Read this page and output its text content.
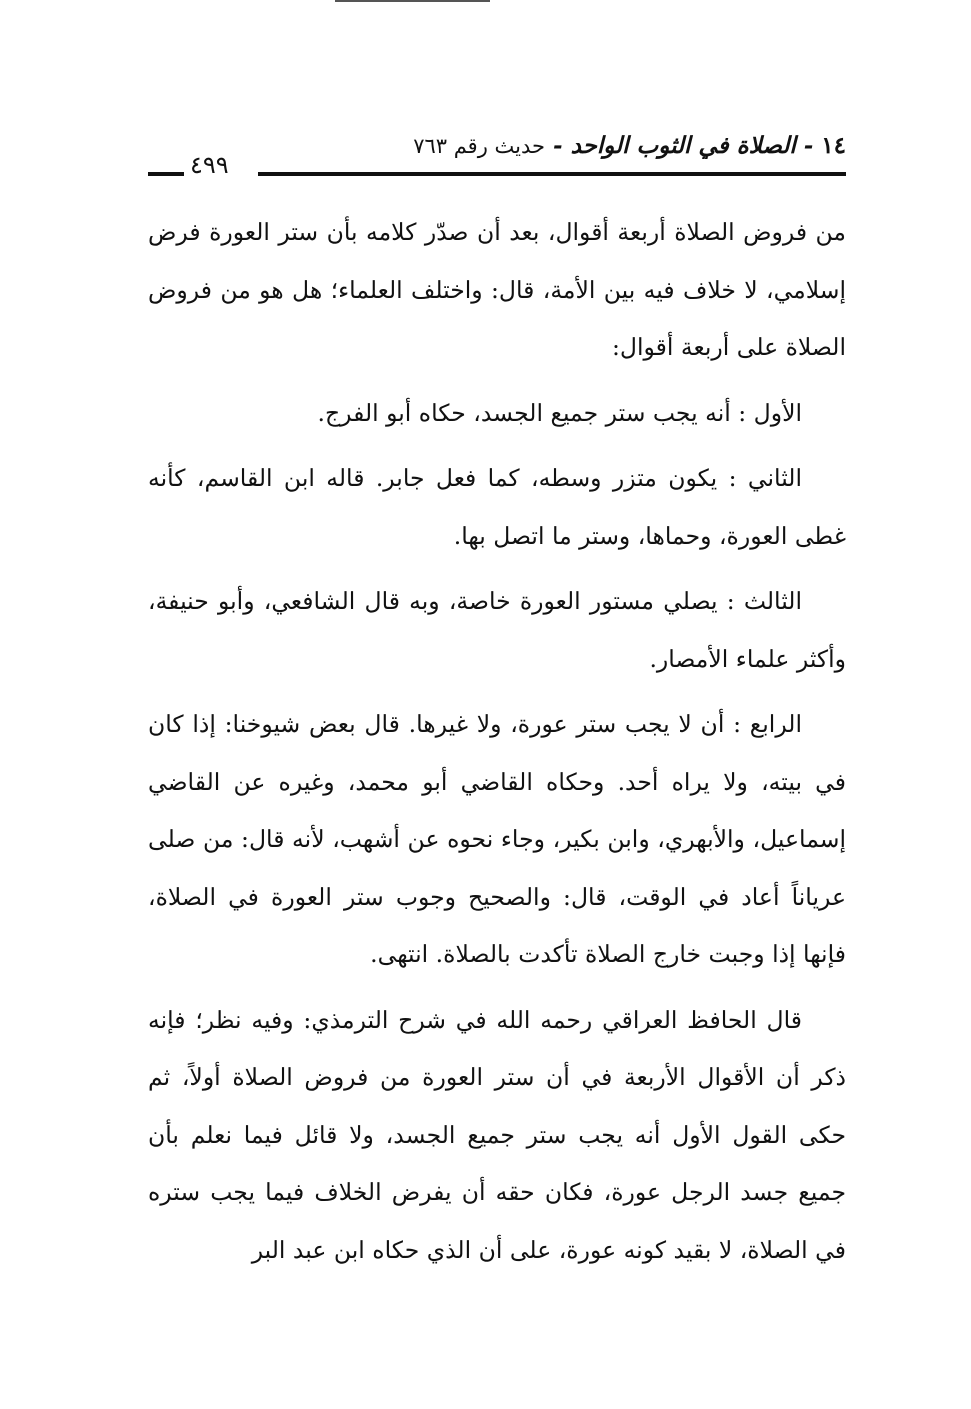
١٤ - الصلاة في الثوب الواحد - حديث رقم ٧٦٣
٤٩٩

من فروض الصلاة أربعة أقوال، بعد أن صدّر كلامه بأن ستر العورة فرض إسلامي، لا خلاف فيه بين الأمة، قال: واختلف العلماء؛ هل هو من فروض الصلاة على أربعة أقوال:

الأول : أنه يجب ستر جميع الجسد، حكاه أبو الفرج.

الثاني : يكون متزر وسطه، كما فعل جابر. قاله ابن القاسم، كأنه غطى العورة، وحماها، وستر ما اتصل بها.

الثالث : يصلي مستور العورة خاصة، وبه قال الشافعي، وأبو حنيفة، وأكثر علماء الأمصار.

الرابع : أن لا يجب ستر عورة، ولا غيرها. قال بعض شيوخنا: إذا كان في بيته، ولا يراه أحد. وحكاه القاضي أبو محمد، وغيره عن القاضي إسماعيل، والأبهري، وابن بكير، وجاء نحوه عن أشهب، لأنه قال: من صلى عرياناً أعاد في الوقت، قال: والصحيح وجوب ستر العورة في الصلاة، فإنها إذا وجبت خارج الصلاة تأكدت بالصلاة. انتهى.

قال الحافظ العراقي رحمه الله في شرح الترمذي: وفيه نظر؛ فإنه ذكر أن الأقوال الأربعة في أن ستر العورة من فروض الصلاة أولاً، ثم حكى القول الأول أنه يجب ستر جميع الجسد، ولا قائل فيما نعلم بأن جميع جسد الرجل عورة، فكان حقه أن يفرض الخلاف فيما يجب ستره في الصلاة، لا بقيد كونه عورة، على أن الذي حكاه ابن عبد البر
